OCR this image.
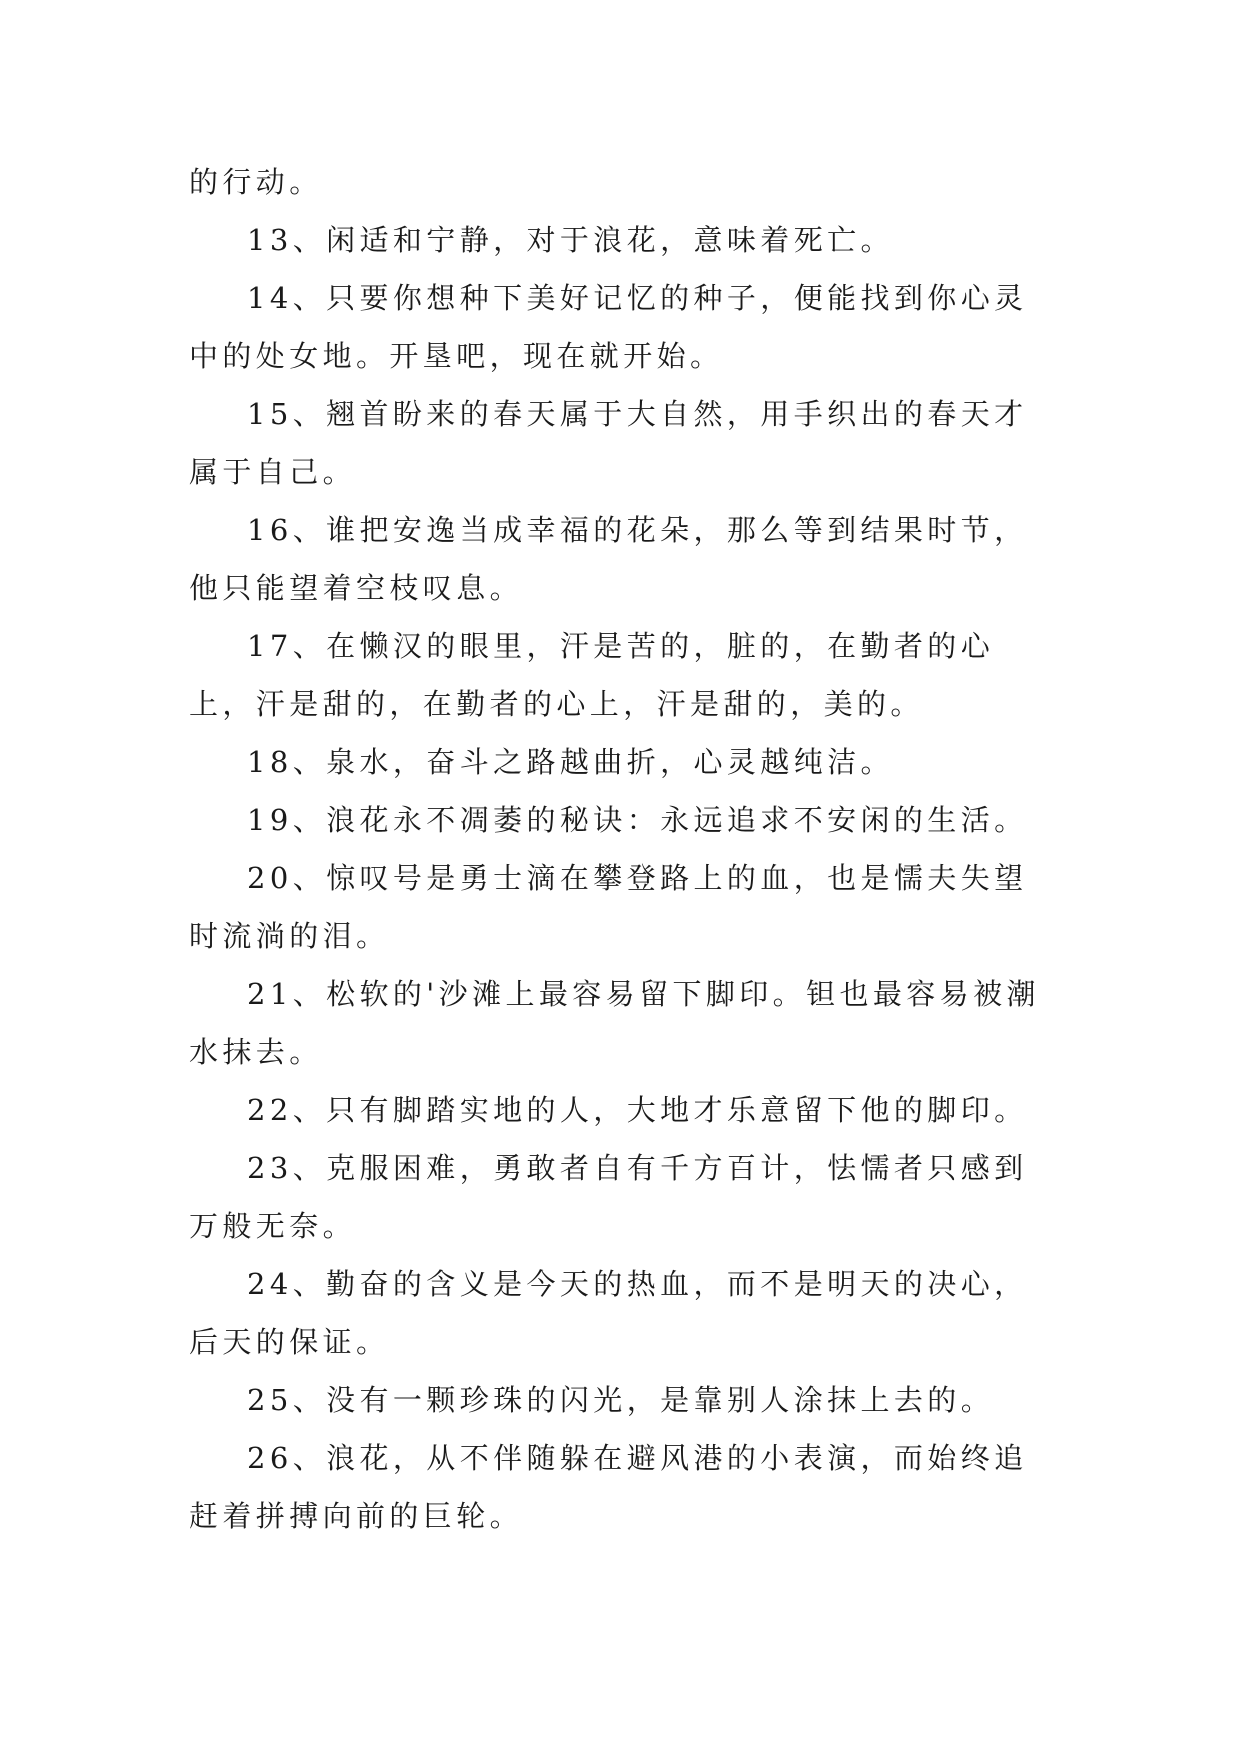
的行动。

13、闲适和宁静，对于浪花，意味着死亡。

14、只要你想种下美好记忆的种子，便能找到你心灵中的处女地。开垦吧，现在就开始。

15、翘首盼来的春天属于大自然，用手织出的春天才属于自己。

16、谁把安逸当成幸福的花朵，那么等到结果时节，他只能望着空枝叹息。

17、在懒汉的眼里，汗是苦的，脏的，在勤者的心上，汗是甜的，在勤者的心上，汗是甜的，美的。

18、泉水，奋斗之路越曲折，心灵越纯洁。

19、浪花永不凋萎的秘诀：永远追求不安闲的生活。

20、惊叹号是勇士滴在攀登路上的血，也是懦夫失望时流淌的泪。

21、松软的'沙滩上最容易留下脚印。钽也最容易被潮水抹去。

22、只有脚踏实地的人，大地才乐意留下他的脚印。

23、克服困难，勇敢者自有千方百计，怯懦者只感到万般无奈。

24、勤奋的含义是今天的热血，而不是明天的决心，后天的保证。

25、没有一颗珍珠的闪光，是靠别人涂抹上去的。

26、浪花，从不伴随躲在避风港的小表演，而始终追赶着拼搏向前的巨轮。
